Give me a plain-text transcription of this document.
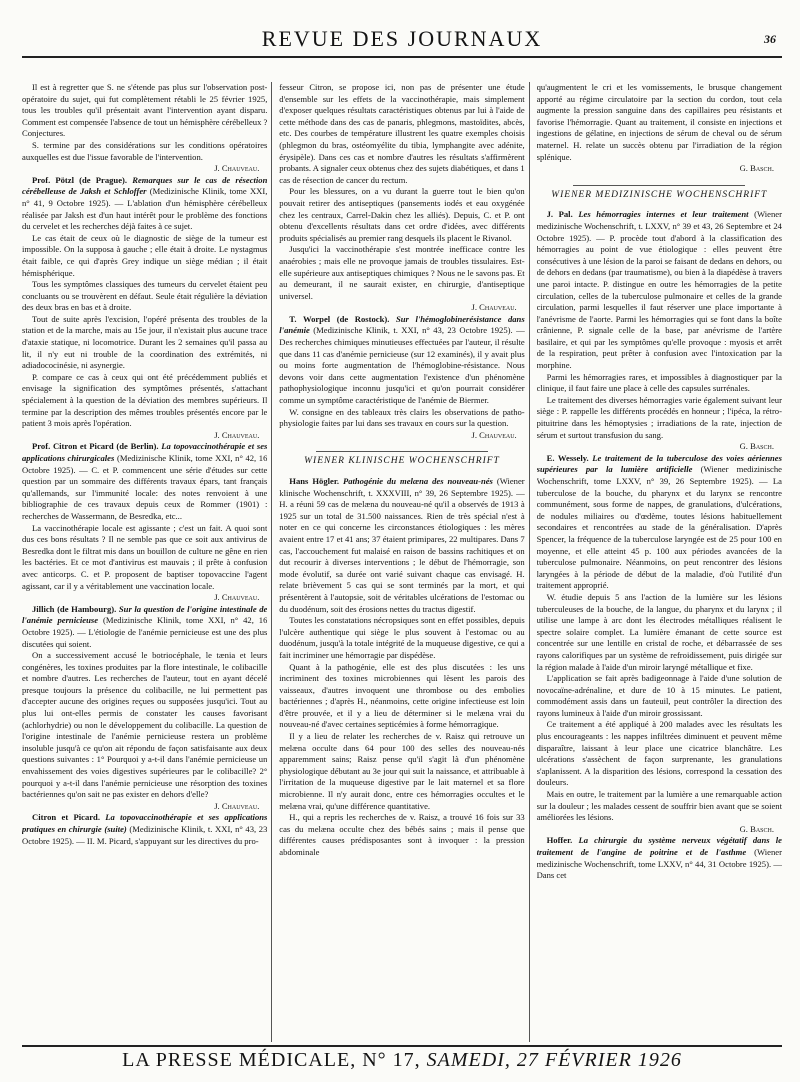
REVUE DES JOURNAUX	36

Il est à regretter que S. ne s'étende pas plus sur l'observation post-opératoire du sujet, qui fut complètement rétabli le 25 février 1925, tous les troubles qu'il présentait avant l'intervention ayant disparu. Comment est compensée l'absence de tout un hémisphère cérébelleux ? Conjectures.

S. termine par des considérations sur les conditions opératoires auxquelles est due l'issue favorable de l'intervention.

J. Chauveau.

Prof. Pötzl (de Prague). Remarques sur le cas de résection cérébelleuse de Jaksh et Schloffer (Medizinische Klinik, tome XXI, n° 41, 9 Octobre 1925). — L'ablation d'un hémisphère cérébelleux réalisée par Jaksh est d'un haut intérêt pour le problème des fonctions du cervelet et les recherches déjà faites à ce sujet.

Le cas était de ceux où le diagnostic de siège de la tumeur est impossible. On la supposa à gauche ; elle était à droite. Le nystagmus était faible, ce qui d'après Grey indique un siège médian ; il était hémisphérique.

Tous les symptômes classiques des tumeurs du cervelet étaient peu concluants ou se trouvèrent en défaut. Seule était régulière la déviation des deux bras en bas et à droite.

Tout de suite après l'excision, l'opéré présenta des troubles de la station et de la marche, mais au 15e jour, il n'existait plus aucune trace d'ataxie statique, ni locomotrice. Durant les 2 semaines qu'il passa au lit, il n'y eut ni trouble de la coordination des extrémités, ni adiadococinésie, ni asynergie.

P. compare ce cas à ceux qui ont été précédemment publiés et envisage la signification des symptômes présentés, s'attachant spécialement à la question de la déviation des membres supérieurs. Il termine par la description des mêmes troubles présentés encore par le patient 3 mois après l'opération.

J. Chauveau.

Prof. Citron et Picard (de Berlin). La topovaccinothérapie et ses applications chirurgicales (Medizinische Klinik, tome XXI, n° 42, 16 Octobre 1925). — C. et P. commencent une série d'études sur cette question par un sommaire des différents travaux épars, tant français qu'allemands, sur l'immunité locale: des notes renvoient à une bibliographie de ces travaux depuis ceux de Rommer (1901) : recherches de Wassermann, de Besredka, etc...

La vaccinothérapie locale est agissante ; c'est un fait. A quoi sont dus ces bons résultats ? Il ne semble pas que ce soit aux antivirus de Besredka dont le filtrat mis dans un bouillon de culture ne gêne en rien les bactéries. Et ce mot d'antivirus est mauvais ; il prête à confusion avec anticorps. C. et P. proposent de baptiser topovaccine l'agent agissant, car il y a véritablement une vaccination locale.

J. Chauveau.

Jillich (de Hambourg). Sur la question de l'origine intestinale de l'anémie pernicieuse (Medizinische Klinik, tome XXI, n° 42, 16 Octobre 1925). — L'étiologie de l'anémie pernicieuse est une des plus discutées qui soient.

On a successivement accusé le botriocéphale, le tænia et leurs congénères, les toxines produites par la flore intestinale, le colibacille et nombre d'autres. Les recherches de l'auteur, tout en ayant décelé presque toujours la présence du colibacille, ne lui permettent pas d'accepter aucune des origines reçues ou supposées jusqu'ici. Tout au plus lui ont-elles permis de constater les causes favorisant (achlorhydrie) ou non le développement du colibacille. La question de l'origine intestinale de l'anémie pernicieuse restera un problème insoluble jusqu'à ce qu'on ait répondu de façon satisfaisante aux deux questions suivantes : 1° Pourquoi y a-t-il dans l'anémie pernicieuse un envahissement des voies digestives supérieures par le colibacille? 2° pourquoi y a-t-il dans l'anémie pernicieuse une résorption des toxines bactériennes qu'on sait ne pas exister en dehors d'elle?

J. Chauveau.

Citron et Picard. La topovaccinothérapie et ses applications pratiques en chirurgie (suite) (Medizinische Klinik, t. XXI, n° 43, 23 Octobre 1925). — II. M. Picard, s'appuyant sur les directives du pro-

fesseur Citron, se propose ici, non pas de présenter une étude d'ensemble sur les effets de la vaccinothérapie, mais simplement d'exposer quelques résultats caractéristiques obtenus par lui à l'aide de cette méthode dans des cas de panaris, phlegmons, mastoïdites, abcès, etc. Des courbes de température illustrent les quatre exemples choisis (phlegmon du bras, ostéomyélite du tibia, lymphangite avec adénite, érysipèle). Dans ces cas et nombre d'autres les résultats s'affirmèrent probants. A signaler ceux obtenus chez des sujets diabétiques, et dans 1 cas de résection de cancer du rectum.

Pour les blessures, on a vu durant la guerre tout le bien qu'on pouvait retirer des antiseptiques (pansements iodés et eau oxygénée chez les centraux, Carrel-Dakin chez les alliés). Depuis, C. et P. ont obtenu d'excellents résultats dans cet ordre d'idées, avec différents produits spécialisés au premier rang desquels ils placent le Rivanol.

Jusqu'ici la vaccinothérapie s'est montrée inefficace contre les anaérobies ; mais elle ne provoque jamais de troubles tissulaires. Est-elle supérieure aux antiseptiques chimiques ? Nous ne le savons pas. Et au demeurant, il ne saurait exister, en chirurgie, d'antiseptique universel.

J. Chauveau.

T. Worpel (de Rostock). Sur l'hémoglobinerésistance dans l'anémie (Medizinische Klinik, t. XXI, n° 43, 23 Octobre 1925). — Des recherches chimiques minutieuses effectuées par l'auteur, il résulte que dans 11 cas d'anémie pernicieuse (sur 12 examinés), il y avait plus ou moins forte augmentation de l'hémoglobine-résistance. Nous devons voir dans cette augmentation l'existence d'un phénomène pathophysiologique inconnu jusqu'ici et qu'on pourrait considérer comme un symptôme caractéristique de l'anémie de Biermer.

W. consigne en des tableaux très clairs les observations de patho-physiologie faites par lui dans ses travaux en cours sur la question.

J. Chauveau.
WIENER KLINISCHE WOCHENSCHRIFT

Hans Högler. Pathogénie du melæna des nouveau-nés (Wiener klinische Wochenschrift, t. XXXVIII, n° 39, 26 Septembre 1925). — H. a réuni 59 cas de melæna du nouveau-né qu'il a observés de 1913 à 1925 sur un total de 31.500 naissances. Rien de très spécial n'est à noter en ce qui concerne les circonstances étiologiques : les mères avaient entre 17 et 41 ans; 37 étaient primipares, 22 multipares. Dans 7 cas, l'accouchement fut malaisé en raison de bassins rachitiques et on dut recourir à diverses interventions ; le début de l'hémorragie, son mode évolutif, sa durée ont varié suivant chaque cas envisagé. H. relate brièvement 5 cas qui se sont terminés par la mort, et qui présentèrent à l'autopsie, soit de véritables ulcérations de l'estomac ou du duodénum, soit des érosions nettes du tractus digestif.

Toutes les constatations nécropsiques sont en effet possibles, depuis l'ulcère authentique qui siège le plus souvent à l'estomac ou au duodénum, jusqu'à la totale intégrité de la muqueuse digestive, ce qui a fait incriminer une hémorragie par dispédèse.

Quant à la pathogénie, elle est des plus discutées : les uns incriminent des toxines microbiennes qui lèsent les parois des vaisseaux, d'autres invoquent une thrombose ou des embolies bactériennes ; d'après H., néanmoins, cette origine infectieuse est loin d'être prouvée, et il y a lieu de déterminer si le melæna vrai du nouveau-né d'avec certaines septicémies à forme hémorragique.

Il y a lieu de relater les recherches de v. Raisz qui retrouve un melæna occulte dans 64 pour 100 des selles des nouveau-nés apparemment sains; Raisz pense qu'il s'agit là d'un phénomène physiologique débutant au 3e jour qui suit la naissance, et attribuable à l'irritation de la muqueuse digestive par le lait maternel et sa flore microbienne. Il n'y aurait donc, entre ces hémorragies occultes et le melæna vrai, qu'une différence quantitative.

H., qui a repris les recherches de v. Raisz, a trouvé 16 fois sur 33 cas du melæna occulte chez des bébés sains ; mais il pense que différentes causes prédisposantes sont à invoquer : la pression abdominale

qu'augmentent le cri et les vomissements, le brusque changement apporté au régime circulatoire par la section du cordon, tout cela augmente la pression sanguine dans des capillaires peu résistants et favorise l'hémorragie. Quant au traitement, il consiste en injections et ingestions de gélatine, en injections de sérum de cheval ou de sérum maternel. H. relate un succès obtenu par l'irradiation de la région splénique.

G. Basch.
WIENER MEDIZINISCHE WOCHENSCHRIFT

J. Pal. Les hémorragies internes et leur traitement (Wiener medizinische Wochenschrift, t. LXXV, n° 39 et 43, 26 Septembre et 24 Octobre 1925). — P. procède tout d'abord à la classification des hémorragies au point de vue étiologique : elles peuvent être consécutives à une lésion de la paroi se faisant de dedans en dehors, ou de dehors en dedans (par traumatisme), ou bien à la diapédèse à travers une paroi intacte. P. distingue en outre les hémorragies de la petite circulation, celles de la tuberculose pulmonaire et celles de la grande circulation, parmi lesquelles il faut réserver une place importante à l'anévrisme de l'aorte. Parmi les hémorragies qui se font dans la boîte crânienne, P. signale celle de la base, par anévrisme de l'artère basilaire, et qui par les symptômes qu'elle provoque : myosis et arrêt de la respiration, peut prêter à confusion avec l'intoxication par la morphine.

Parmi les hémorragies rares, et impossibles à diagnostiquer par la clinique, il faut faire une place à celle des capsules surrénales.

Le traitement des diverses hémorragies varie également suivant leur siège : P. rappelle les différents procédés en honneur ; l'ipéca, la rétro-pituitrine dans les hémoptysies ; irradiations de la rate, injection de sérum et surtout transfusion du sang.

G. Basch.

E. Wessely. Le traitement de la tuberculose des voies aériennes supérieures par la lumière artificielle (Wiener medizinische Wochenschrift, tome LXXV, n° 39, 26 Septembre 1925). — La tuberculose de la bouche, du pharynx et du larynx se rencontre communément, sous forme de nappes, de granulations, d'ulcérations, de nodules miliaires ou d'œdème, toutes lésions habituellement secondaires et rencontrées au stade de la généralisation. D'après Spencer, la fréquence de la tuberculose laryngée est de 25 pour 100 en moyenne, et elle atteint 45 p. 100 aux périodes avancées de la tuberculose pulmonaire. Néanmoins, on peut rencontrer des lésions laryngées à la période de début de la maladie, d'où l'utilité d'un traitement approprié.

W. étudie depuis 5 ans l'action de la lumière sur les lésions tuberculeuses de la bouche, de la langue, du pharynx et du larynx ; il utilise une lampe à arc dont les électrodes métalliques réalisent le spectre solaire complet. La lumière émanant de cette source est concentrée sur une lentille en cristal de roche, et débarrassée de ses rayons calorifiques par un système de refroidissement, puis dirigée sur la région malade à l'aide d'un miroir laryngé métallique et fixe.

L'application se fait après badigeonnage à l'aide d'une solution de novocaïne-adrénaline, et dure de 10 à 15 minutes. Le patient, commodément assis dans un fauteuil, peut contrôler la direction des rayons lumineux à l'aide d'un miroir grossissant.

Ce traitement a été appliqué à 200 malades avec les résultats les plus encourageants : les nappes infiltrées diminuent et peuvent même disparaître, laissant à leur place une cicatrice blanchâtre. Les ulcérations s'assèchent de façon surprenante, les granulations s'aplanissent. A la disparition des lésions, correspond la cessation des douleurs.

Mais en outre, le traitement par la lumière a une remarquable action sur la douleur ; les malades cessent de souffrir bien avant que se soient améliorées les lésions.

G. Basch.

Hoffer. La chirurgie du système nerveux végétatif dans le traitement de l'angine de poitrine et de l'asthme (Wiener medizinische Wochenschrift, tome LXXV, n° 44, 31 Octobre 1925). — Dans cet

LA PRESSE MÉDICALE, N° 17, SAMEDI, 27 FÉVRIER 1926
